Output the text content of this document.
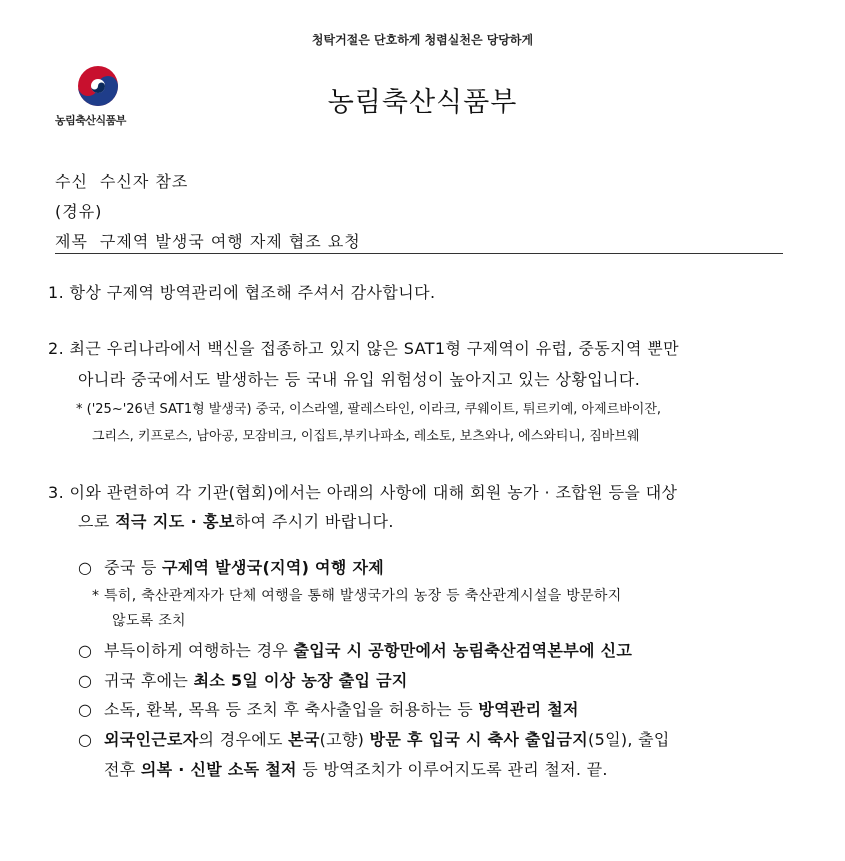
청탁거절은 단호하게 청렴실천은 당당하게
농림축산식품부
농림축산식품부
수신 수신자 참조
(경유)
제목 구제역 발생국 여행 자제 협조 요청
1. 항상 구제역 방역관리에 협조해 주셔서 감사합니다.
2. 최근 우리나라에서 백신을 접종하고 있지 않은 SAT1형 구제역이 유럽, 중동지역 뿐만
아니라 중국에서도 발생하는 등 국내 유입 위험성이 높아지고 있는 상황입니다.
* ('25~'26년 SAT1형 발생국) 중국, 이스라엘, 팔레스타인, 이라크, 쿠웨이트, 튀르키예, 아제르바이잔,
그리스, 키프로스, 남아공, 모잠비크, 이집트,부키나파소, 레소토, 보츠와나, 에스와티니, 짐바브웨
3. 이와 관련하여 각 기관(협회)에서는 아래의 사항에 대해 회원 농가 · 조합원 등을 대상
으로 적극 지도 · 홍보하여 주시기 바랍니다.
○ 중국 등 구제역 발생국(지역) 여행 자제
* 특히, 축산관계자가 단체 여행을 통해 발생국가의 농장 등 축산관계시설을 방문하지
않도록 조치
○ 부득이하게 여행하는 경우 출입국 시 공항만에서 농림축산검역본부에 신고
○ 귀국 후에는 최소 5일 이상 농장 출입 금지
○ 소독, 환복, 목욕 등 조치 후 축사출입을 허용하는 등 방역관리 철저
○ 외국인근로자의 경우에도 본국(고향) 방문 후 입국 시 축사 출입금지(5일), 출입
전후 의복 · 신발 소독 철저 등 방역조치가 이루어지도록 관리 철저. 끝.
